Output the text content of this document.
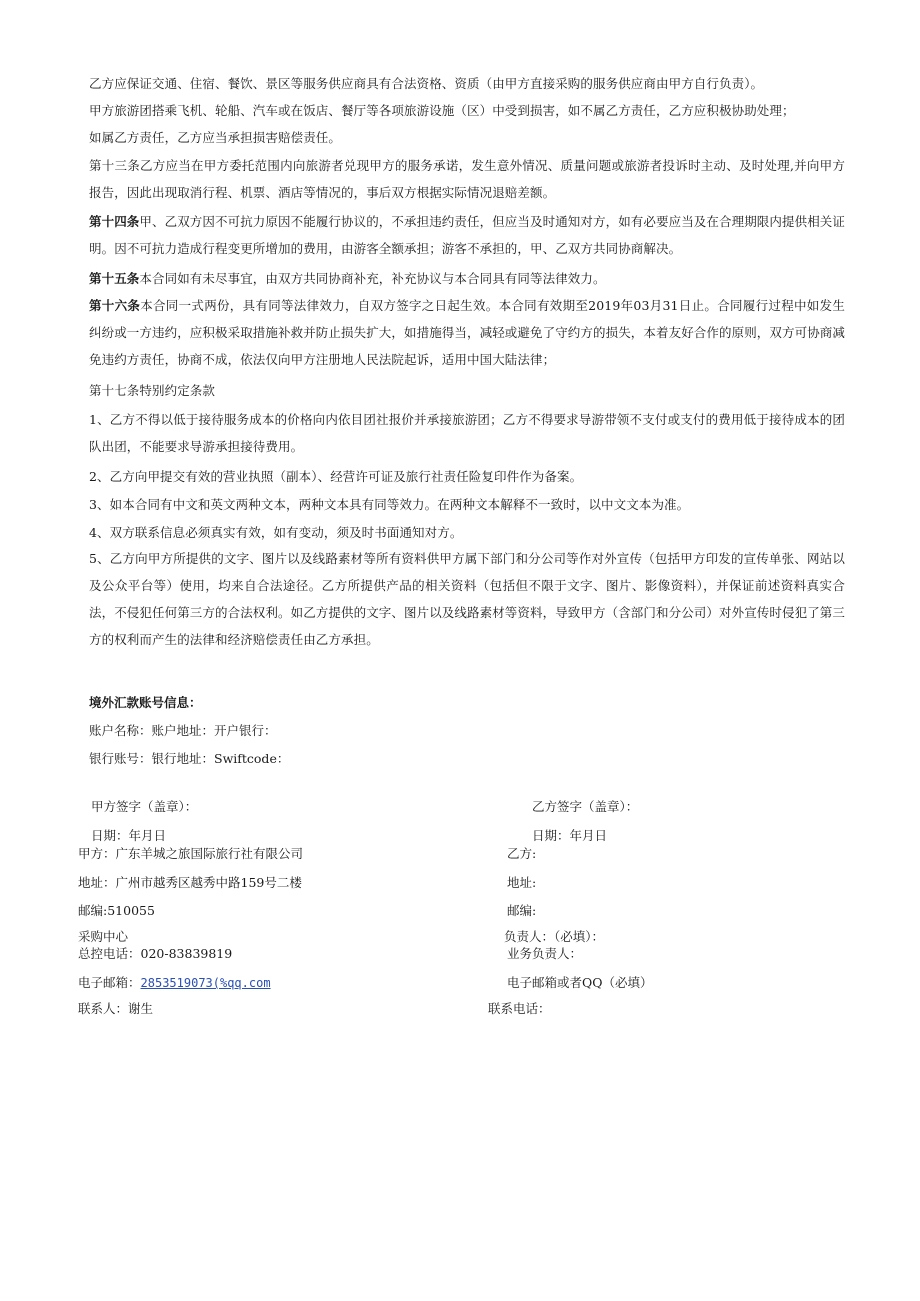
乙方应保证交通、住宿、餐饮、景区等服务供应商具有合法资格、资质（由甲方直接采购的服务供应商由甲方自行负责）。

甲方旅游团搭乘飞机、轮船、汽车或在饭店、餐厅等各项旅游设施（区）中受到损害，如不属乙方责任，乙方应积极协助处理；

如属乙方责任，乙方应当承担损害赔偿责任。

第十三条乙方应当在甲方委托范围内向旅游者兑现甲方的服务承诺，发生意外情况、质量问题或旅游者投诉时主动、及时处理,并向甲方报告，因此出现取消行程、机票、酒店等情况的，事后双方根据实际情况退赔差额。

第十四条甲、乙双方因不可抗力原因不能履行协议的，不承担违约责任，但应当及时通知对方，如有必要应当及在合理期限内提供相关证明。因不可抗力造成行程变更所增加的费用，由游客全额承担；游客不承担的，甲、乙双方共同协商解决。

第十五条本合同如有未尽事宜，由双方共同协商补充，补充协议与本合同具有同等法律效力。

第十六条本合同一式两份，具有同等法律效力，自双方签字之日起生效。本合同有效期至2019年03月31日止。合同履行过程中如发生纠纷或一方违约，应积极采取措施补救并防止损失扩大，如措施得当，减轻或避免了守约方的损失，本着友好合作的原则，双方可协商减免违约方责任，协商不成，依法仅向甲方注册地人民法院起诉，适用中国大陆法律；

第十七条特别约定条款

1、乙方不得以低于接待服务成本的价格向内依目团社报价并承接旅游团；乙方不得要求导游带领不支付或支付的费用低于接待成本的团队出团，不能要求导游承担接待费用。

2、乙方向甲提交有效的营业执照（副本）、经营许可证及旅行社责任险复印件作为备案。

3、如本合同有中文和英文两种文本，两种文本具有同等效力。在两种文本解释不一致时，以中文文本为准。

4、双方联系信息必须真实有效，如有变动，须及时书面通知对方。

5、乙方向甲方所提供的文字、图片以及线路素材等所有资料供甲方属下部门和分公司等作对外宣传（包括甲方印发的宣传单张、网站以及公众平台等）使用，均来自合法途径。乙方所提供产品的相关资料（包括但不限于文字、图片、影像资料），并保证前述资料真实合法，不侵犯任何第三方的合法权利。如乙方提供的文字、图片以及线路素材等资料，导致甲方（含部门和分公司）对外宣传时侵犯了第三方的权利而产生的法律和经济赔偿责任由乙方承担。

境外汇款账号信息：
账户名称：账户地址：开户银行：
银行账号：银行地址：Swiftcode：
甲方签字（盖章）：
日期：年月日
乙方签字（盖章）：
日期：年月日
甲方：广东羊城之旅国际旅行社有限公司
地址：广州市越秀区越秀中路159号二楼
邮编:510055
采购中心
总控电话：020-83839819
电子邮箱：2853519073(%qq.com
联系人：谢生
乙方:
地址:
邮编:
负责人：（必填）：
业务负责人：
电子邮箱或者QQ（必填）
联系电话：
